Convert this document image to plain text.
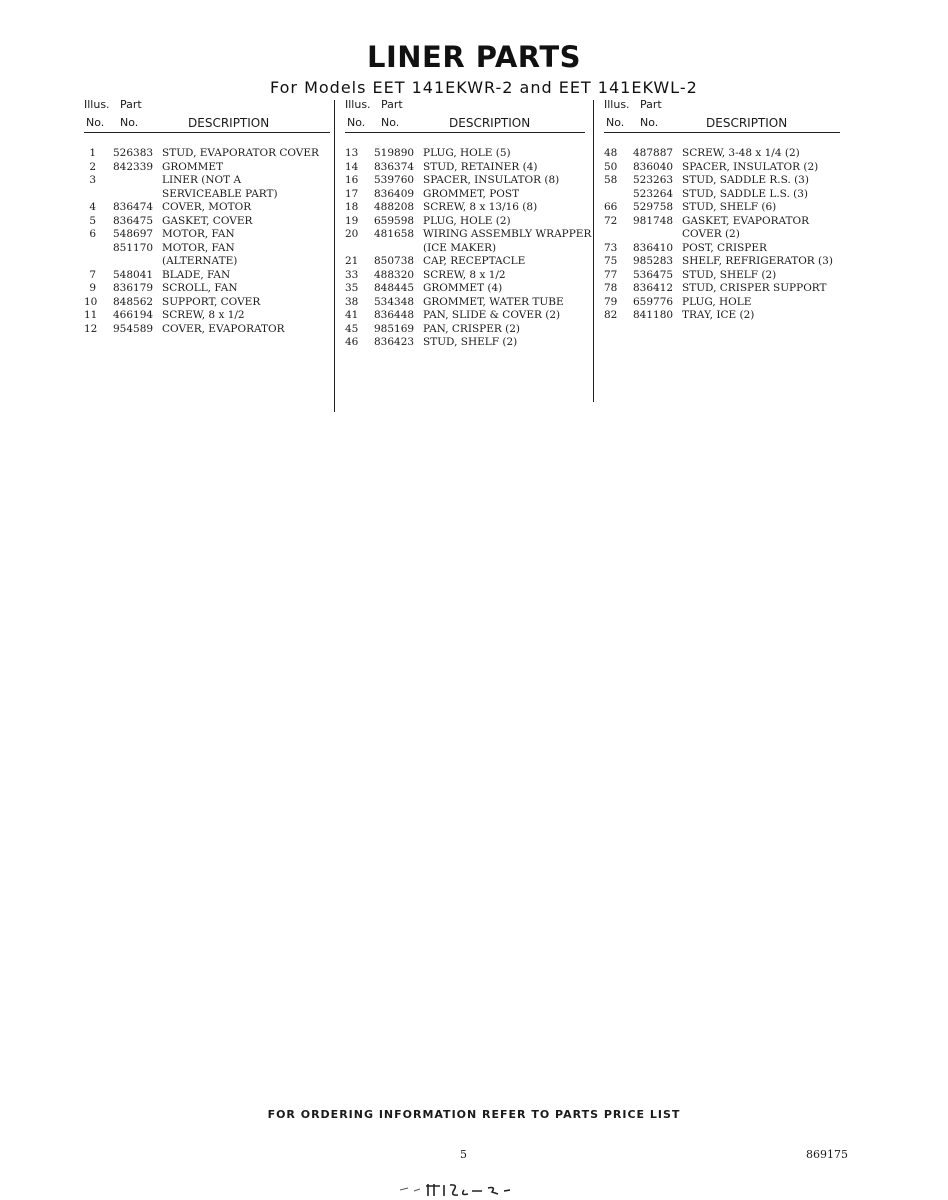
LINER PARTS
For Models EET 141EKWR-2 and EET 141EKWL-2
Illus. Part
No. No.	DESCRIPTION
1 526383 STUD, EVAPORATOR COVER
2 842339 GROMMET
3	LINER (NOT A
SERVICEABLE PART)
4 836474 COVER, MOTOR
5 836475 GASKET, COVER
6 548697 MOTOR, FAN
851170 MOTOR, FAN
(ALTERNATE)
7 548041 BLADE, FAN
9 836179 SCROLL, FAN
10 848562 SUPPORT, COVER
11 466194 SCREW, 8 x 1/2
12 954589 COVER, EVAPORATOR
Illus. Part
No. No.	DESCRIPTION
13 519890 PLUG, HOLE (5)
14 836374 STUD, RETAINER (4)
16 539760 SPACER, INSULATOR (8)
17 836409 GROMMET, POST
18 488208 SCREW, 8 x 13/16 (8)
19 659598 PLUG, HOLE (2)
20 481658 WIRING ASSEMBLY WRAPPER
(ICE MAKER)
21 850738 CAP, RECEPTACLE
33 488320 SCREW, 8 x 1/2
35 848445 GROMMET (4)
38 534348 GROMMET, WATER TUBE
41 836448 PAN, SLIDE & COVER (2)
45 985169 PAN, CRISPER (2)
46 836423 STUD, SHELF (2)
Illus. Part
No. No.	DESCRIPTION
48 487887 SCREW, 3-48 x 1/4 (2)
50 836040 SPACER, INSULATOR (2)
58 523263 STUD, SADDLE R.S. (3)
523264 STUD, SADDLE L.S. (3)
66 529758 STUD, SHELF (6)
72 981748 GASKET, EVAPORATOR
COVER (2)
73 836410 POST, CRISPER
75 985283 SHELF, REFRIGERATOR (3)
77 536475 STUD, SHELF (2)
78 836412 STUD, CRISPER SUPPORT
79 659776 PLUG, HOLE
82 841180 TRAY, ICE (2)
FOR ORDERING INFORMATION REFER TO PARTS PRICE LIST
5	869175
